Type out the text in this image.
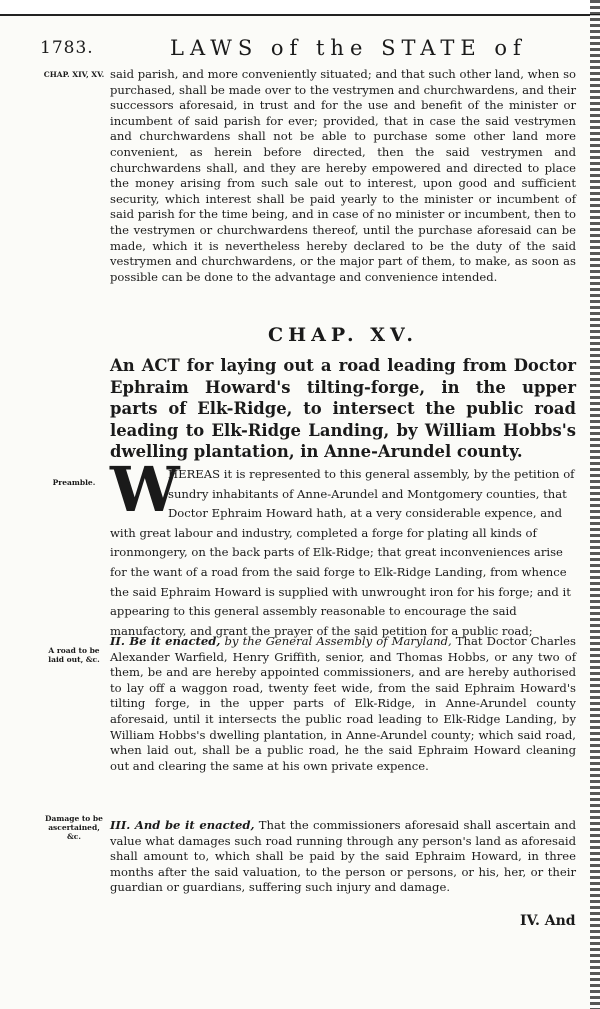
1783.	LAWS of the STATE of
CHAP. XIV, XV. said parish, and more conveniently situated; and that such other land, when so purchased, shall be made over to the vestrymen and churchwardens, and their successors aforesaid, in trust and for the use and benefit of the minister or incumbent of said parish for ever; provided, that in case the said vestrymen and churchwardens shall not be able to purchase some other land more convenient, as herein before directed, then the said vestrymen and churchwardens shall, and they are hereby empowered and directed to place the money arising from such sale out to interest, upon good and sufficient security, which interest shall be paid yearly to the minister or incumbent of said parish for the time being, and in case of no minister or incumbent, then to the vestrymen or churchwardens thereof, until the purchase aforesaid can be made, which it is nevertheless hereby declared to be the duty of the said vestrymen and churchwardens, or the major part of them, to make, as soon as possible can be done to the advantage and convenience intended.
CHAP. XV.
An ACT for laying out a road leading from Doctor Ephraim Howard's tilting-forge, in the upper parts of Elk-Ridge, to intersect the public road leading to Elk-Ridge Landing, by William Hobbs's dwelling plantation, in Anne-Arundel county.
Preamble. W
HEREAS it is represented to this general assembly, by the petition of sundry inhabitants of Anne-Arundel and Montgomery counties, that Doctor Ephraim Howard hath, at a very considerable expence, and with great labour and industry, completed a forge for plating all kinds of ironmongery, on the back parts of Elk-Ridge; that great inconveniences arise for the want of a road from the said forge to Elk-Ridge Landing, from whence the said Ephraim Howard is supplied with unwrought iron for his forge; and it appearing to this general assembly reasonable to encourage the said manufactory, and grant the prayer of the said petition for a public road;
A road to be laid out, &c.
II. Be it enacted, by the General Assembly of Maryland, That Doctor Charles Alexander Warfield, Henry Griffith, senior, and Thomas Hobbs, or any two of them, be and are hereby appointed commissioners, and are hereby authorised to lay off a waggon road, twenty feet wide, from the said Ephraim Howard's tilting forge, in the upper parts of Elk-Ridge, in Anne-Arundel county aforesaid, until it intersects the public road leading to Elk-Ridge Landing, by William Hobbs's dwelling plantation, in Anne-Arundel county; which said road, when laid out, shall be a public road, he the said Ephraim Howard cleaning out and clearing the same at his own private expence.
Damage to be ascertained, &c.
III. And be it enacted, That the commissioners aforesaid shall ascertain and value what damages such road running through any person's land as aforesaid shall amount to, which shall be paid by the said Ephraim Howard, in three months after the said valuation, to the person or persons, or his, her, or their guardian or guardians, suffering such injury and damage.
IV. And
